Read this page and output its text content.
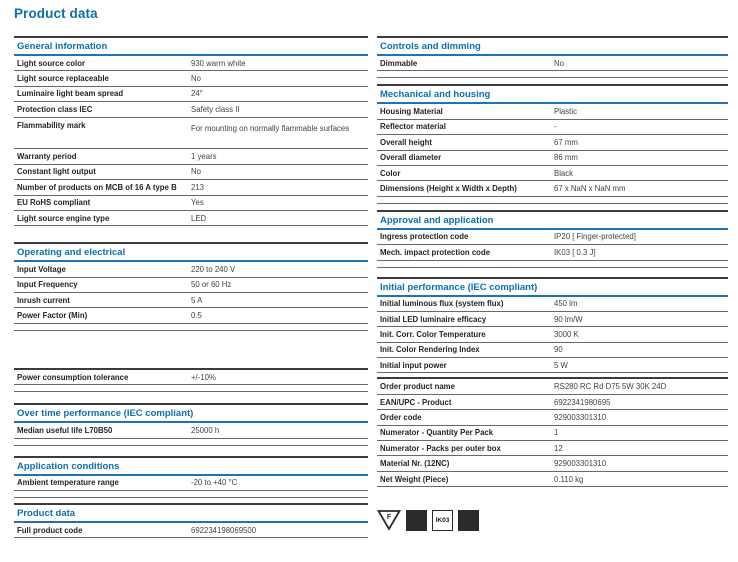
Product data
General information
Light source color	930 warm white
Light source replaceable	No
Luminaire light beam spread	24°
Protection class IEC	Safety class II
Flammability mark	For mounting on normally flammable surfaces
Warranty period	1 years
Constant light output	No
Number of products on MCB of 16 A type B	213
EU RoHS compliant	Yes
Light source engine type	LED
Operating and electrical
Input Voltage	220 to 240 V
Input Frequency	50 or 60 Hz
Inrush current	5 A
Power Factor (Min)	0.5
Power consumption tolerance	+/-10%
Over time performance (IEC compliant)
Median useful life L70B50	25000 h
Application conditions
Ambient temperature range	-20 to +40 °C
Product data
Full product code	692234198069500
Controls and dimming
Dimmable	No
Mechanical and housing
Housing Material	Plastic
Reflector material	-
Overall height	67 mm
Overall diameter	86 mm
Color	Black
Dimensions (Height x Width x Depth)	67 x NaN x NaN mm
Approval and application
Ingress protection code	IP20 [ Finger-protected]
Mech. impact protection code	IK03 [ 0.3 J]
Initial performance (IEC compliant)
Initial luminous flux (system flux)	450 lm
Initial LED luminaire efficacy	90 lm/W
Init. Corr. Color Temperature	3000 K
Init. Color Rendering Index	90
Initial input power	5 W
Order product name	RS280 RC Rd D75 5W 30K 24D
EAN/UPC - Product	6922341980695
Order code	929003301310
Numerator - Quantity Per Pack	1
Numerator - Packs per outer box	12
Material Nr. (12NC)	929003301310
Net Weight (Piece)	0.110 kg
F	IK03
